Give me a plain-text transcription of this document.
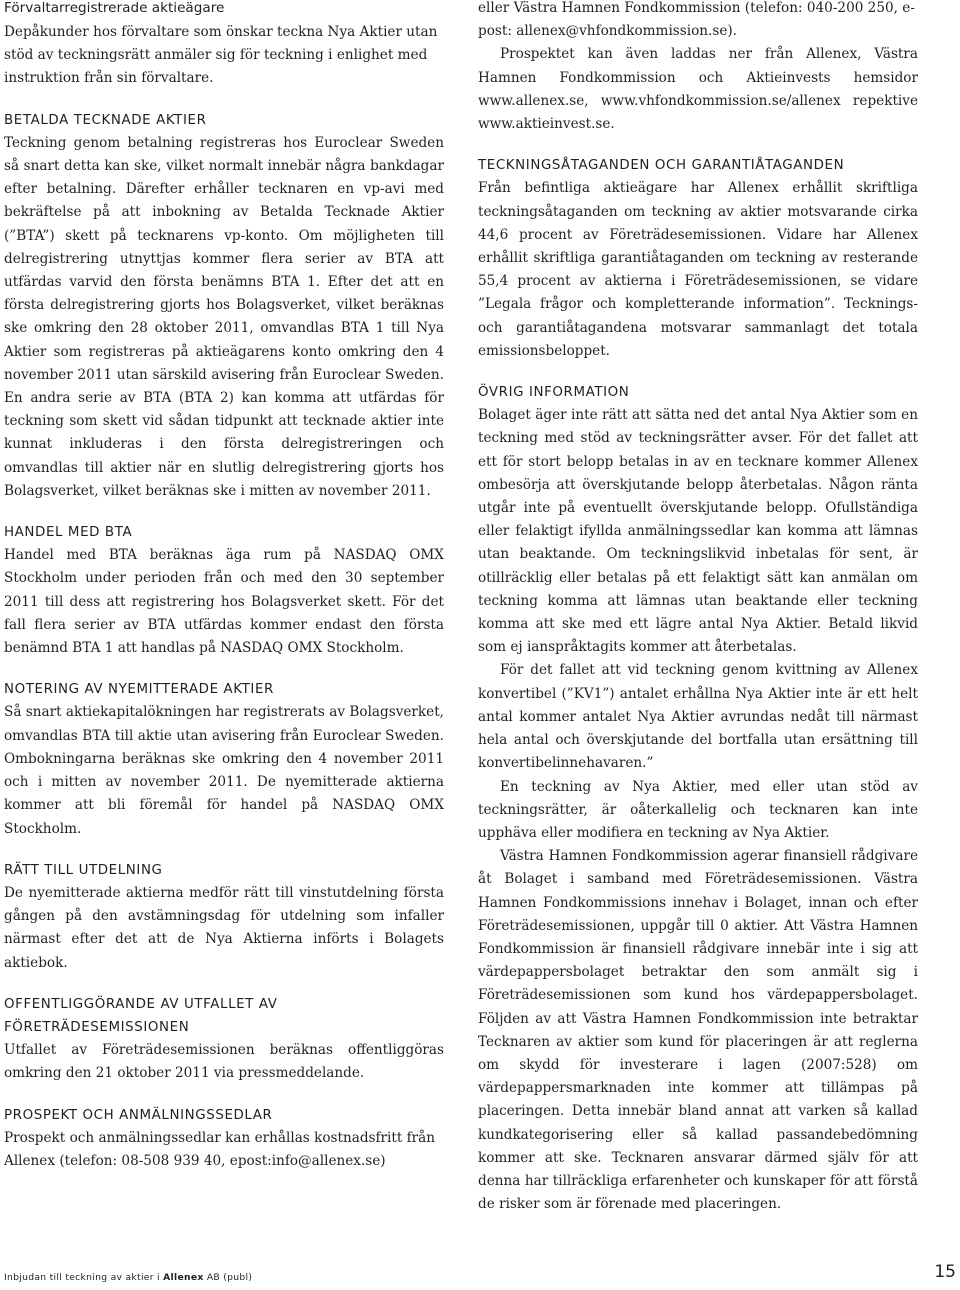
Förvaltarregistrerade aktieägare

Depåkunder hos förvaltare som önskar teckna Nya Aktier utan stöd av teckningsrätt anmäler sig för teckning i enlighet med instruktion från sin förvaltare.

BETALDA TECKNADE AKTIER

Teckning genom betalning registreras hos Euroclear Sweden så snart detta kan ske, vilket normalt innebär några bankdagar efter betalning. Därefter erhåller tecknaren en vp-avi med bekräftelse på att inbokning av Betalda Tecknade Aktier (”BTA”) skett på tecknarens vp-konto. Om möjligheten till delregistrering utnyttjas kommer flera serier av BTA att utfärdas varvid den första benämns BTA 1. Efter det att en första delregistrering gjorts hos Bolagsverket, vilket beräknas ske omkring den 28 oktober 2011, omvandlas BTA 1 till Nya Aktier som registreras på aktieägarens konto omkring den 4 november 2011 utan särskild avisering från Euroclear Sweden. En andra serie av BTA (BTA 2) kan komma att utfärdas för teckning som skett vid sådan tidpunkt att tecknade aktier inte kunnat inkluderas i den första delregistreringen och omvandlas till aktier när en slutlig delregistrering gjorts hos Bolagsverket, vilket beräknas ske i mitten av november 2011.

HANDEL MED BTA

Handel med BTA beräknas äga rum på NASDAQ OMX Stockholm under perioden från och med den 30 september 2011 till dess att registrering hos Bolagsverket skett. För det fall flera serier av BTA utfärdas kommer endast den första benämnd BTA 1 att handlas på NASDAQ OMX Stockholm.

NOTERING AV NYEMITTERADE AKTIER

Så snart aktiekapitalökningen har registrerats av Bolagsverket, omvandlas BTA till aktie utan avisering från Euroclear Sweden. Ombokningarna beräknas ske omkring den 4 november 2011 och i mitten av november 2011. De nyemitterade aktierna kommer att bli föremål för handel på NASDAQ OMX Stockholm.

RÄTT TILL UTDELNING

De nyemitterade aktierna medför rätt till vinstutdelning första gången på den avstämningsdag för utdelning som infaller närmast efter det att de Nya Aktierna införts i Bolagets aktiebok.

OFFENTLIGGÖRANDE AV UTFALLET AV FÖRETRÄDESEMISSIONEN

Utfallet av Företrädesemissionen beräknas offentliggöras omkring den 21 oktober 2011 via pressmeddelande.

PROSPEKT OCH ANMÄLNINGSSEDLAR

Prospekt och anmälningssedlar kan erhållas kostnadsfritt från Allenex (telefon: 08-508 939 40, epost:info@allenex.se)

eller Västra Hamnen Fondkommission (telefon: 040-200 250, e-post: allenex@vhfondkommission.se).

Prospektet kan även laddas ner från Allenex, Västra Hamnen Fondkommission och Aktieinvests hemsidor www.allenex.se, www.vhfondkommission.se/allenex repektive www.aktieinvest.se.

TECKNINGSÅTAGANDEN OCH GARANTIÅTAGANDEN

Från befintliga aktieägare har Allenex erhållit skriftliga teckningsåtaganden om teckning av aktier motsvarande cirka 44,6 procent av Företrädesemissionen. Vidare har Allenex erhållit skriftliga garantiåtaganden om teckning av resterande 55,4 procent av aktierna i Företrädesemissionen, se vidare ”Legala frågor och kompletterande information”. Tecknings- och garantiåtagandena motsvarar sammanlagt det totala emissionsbeloppet.

ÖVRIG INFORMATION

Bolaget äger inte rätt att sätta ned det antal Nya Aktier som en teckning med stöd av teckningsrätter avser. För det fallet att ett för stort belopp betalas in av en tecknare kommer Allenex ombesörja att överskjutande belopp återbetalas. Någon ränta utgår inte på eventuellt överskjutande belopp. Ofullständiga eller felaktigt ifyllda anmälningssedlar kan komma att lämnas utan beaktande. Om teckningslikvid inbetalas för sent, är otillräcklig eller betalas på ett felaktigt sätt kan anmälan om teckning komma att lämnas utan beaktande eller teckning komma att ske med ett lägre antal Nya Aktier. Betald likvid som ej ianspråktagits kommer att återbetalas.

För det fallet att vid teckning genom kvittning av Allenex konvertibel (”KV1”) antalet erhållna Nya Aktier inte är ett helt antal kommer antalet Nya Aktier avrundas nedåt till närmast hela antal och överskjutande del bortfalla utan ersättning till konvertibelinnehavaren.”

En teckning av Nya Aktier, med eller utan stöd av teckningsrätter, är oåterkallelig och tecknaren kan inte upphäva eller modifiera en teckning av Nya Aktier.

Västra Hamnen Fondkommission agerar finansiell rådgivare åt Bolaget i samband med Företrädesemissionen. Västra Hamnen Fondkommissions innehav i Bolaget, innan och efter Företrädesemissionen, uppgår till 0 aktier. Att Västra Hamnen Fondkommission är finansiell rådgivare innebär inte i sig att värdepappersbolaget betraktar den som anmält sig i Företrädesemissionen som kund hos värdepappersbolaget. Följden av att Västra Hamnen Fondkommission inte betraktar Tecknaren av aktier som kund för placeringen är att reglerna om skydd för investerare i lagen (2007:528) om värdepappersmarknaden inte kommer att tillämpas på placeringen. Detta innebär bland annat att varken så kallad kundkategorisering eller så kallad passandebedömning kommer att ske. Tecknaren ansvarar därmed själv för att denna har tillräckliga erfarenheter och kunskaper för att förstå de risker som är förenade med placeringen.

Inbjudan till teckning av aktier i Allenex AB (publ)	15
